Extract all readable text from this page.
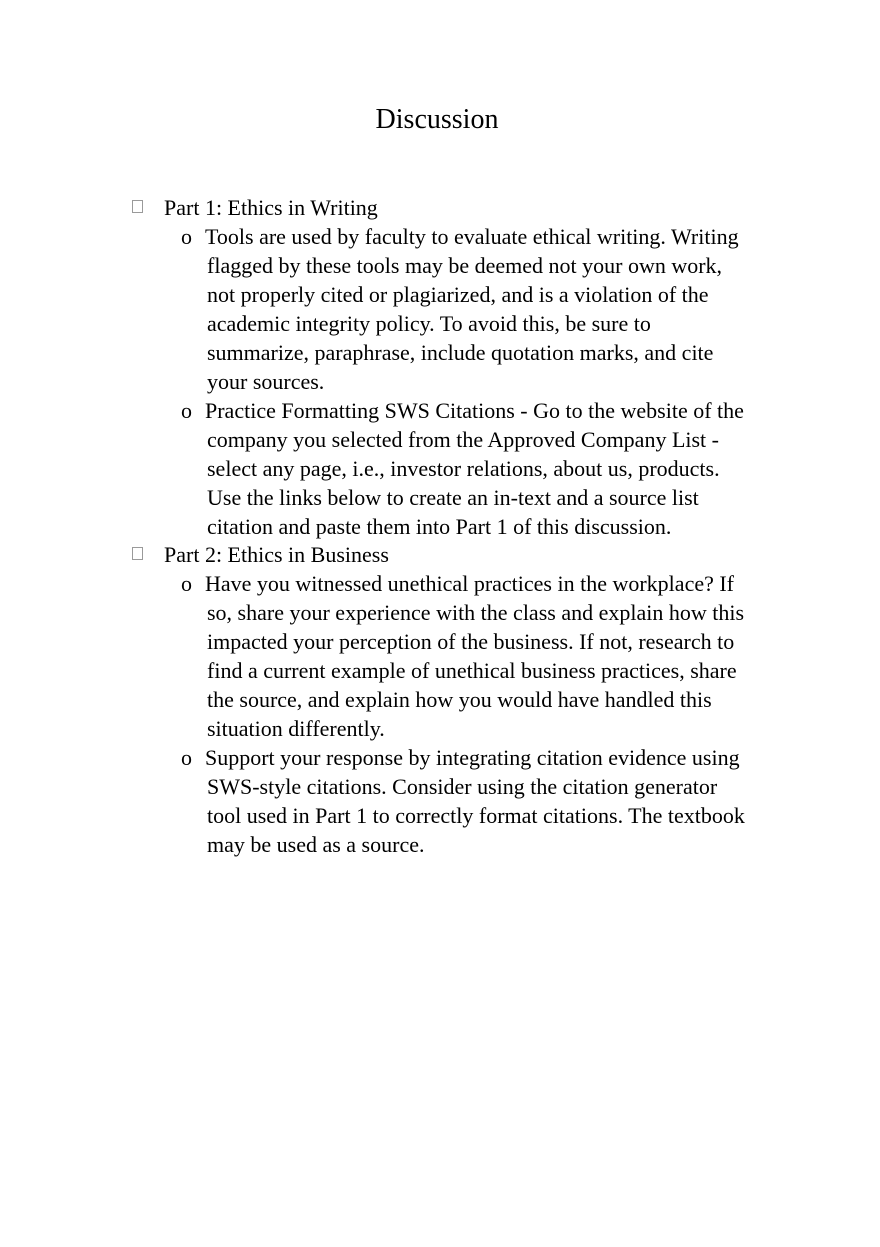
Discussion
Part 1: Ethics in Writing
o Tools are used by faculty to evaluate ethical writing. Writing
flagged by these tools may be deemed not your own work,
not properly cited or plagiarized, and is a violation of the
academic integrity policy. To avoid this, be sure to
summarize, paraphrase, include quotation marks, and cite
your sources.
o Practice Formatting SWS Citations - Go to the website of the
company you selected from the Approved Company List -
select any page, i.e., investor relations, about us, products.
Use the links below to create an in-text and a source list
citation and paste them into Part 1 of this discussion.
Part 2: Ethics in Business
o Have you witnessed unethical practices in the workplace? If
so, share your experience with the class and explain how this
impacted your perception of the business. If not, research to
find a current example of unethical business practices, share
the source, and explain how you would have handled this
situation differently.
o Support your response by integrating citation evidence using
SWS-style citations. Consider using the citation generator
tool used in Part 1 to correctly format citations. The textbook
may be used as a source.
